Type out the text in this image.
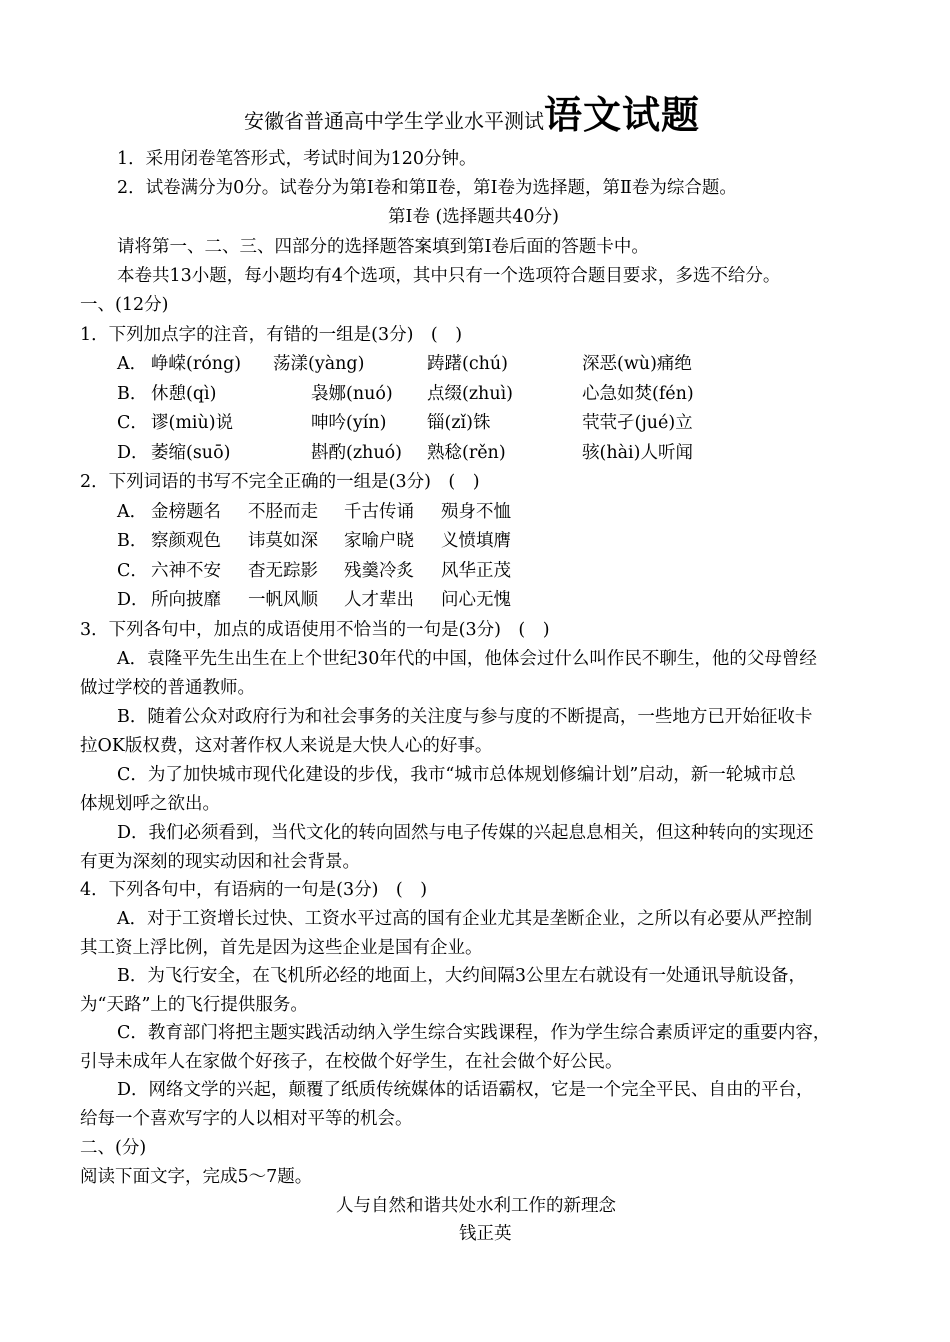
安徽省普通高中学生学业水平测试语文试题
1．采用闭卷笔答形式，考试时间为120分钟。
2．试卷满分为0分。试卷分为第Ⅰ卷和第Ⅱ卷，第Ⅰ卷为选择题，第Ⅱ卷为综合题。
第Ⅰ卷 (选择题共40分)
请将第一、二、三、四部分的选择题答案填到第Ⅰ卷后面的答题卡中。
本卷共13小题，每小题均有4个选项，其中只有一个选项符合题目要求，多选不给分。
一、(12分)
1．下列加点字的注音，有错的一组是(3分)　(　)
A． 峥嵘(róng) 荡漾(yàng)	踌躇(chú)	深恶(wù)痛绝
B． 休憩(qì)	袅娜(nuó) 点缀(zhuì)	心急如焚(fén)
C． 谬(miù)说	呻吟(yín) 锱(zǐ)铢	茕茕孑(jué)立
D． 萎缩(suō)	斟酌(zhuó) 熟稔(rěn)	骇(hài)人听闻
2．下列词语的书写不完全正确的一组是(3分)　(　)
A． 金榜题名 不胫而走 千古传诵 殒身不恤
B． 察颜观色 讳莫如深 家喻户晓 义愤填膺
C． 六神不安 杳无踪影 残羹冷炙 风华正茂
D． 所向披靡 一帆风顺 人才辈出 问心无愧
3．下列各句中，加点的成语使用不恰当的一句是(3分)　(　)
A．袁隆平先生出生在上个世纪30年代的中国，他体会过什么叫作民不聊生，他的父母曾经
做过学校的普通教师。
B．随着公众对政府行为和社会事务的关注度与参与度的不断提高，一些地方已开始征收卡
拉OK版权费，这对著作权人来说是大快人心的好事。
C．为了加快城市现代化建设的步伐，我市“城市总体规划修编计划”启动，新一轮城市总
体规划呼之欲出。
D．我们必须看到，当代文化的转向固然与电子传媒的兴起息息相关，但这种转向的实现还
有更为深刻的现实动因和社会背景。
4．下列各句中，有语病的一句是(3分)　(　)
A．对于工资增长过快、工资水平过高的国有企业尤其是垄断企业，之所以有必要从严控制
其工资上浮比例，首先是因为这些企业是国有企业。
B．为飞行安全，在飞机所必经的地面上，大约间隔3公里左右就设有一处通讯导航设备，
为“天路”上的飞行提供服务。
C．教育部门将把主题实践活动纳入学生综合实践课程，作为学生综合素质评定的重要内容，
引导未成年人在家做个好孩子，在校做个好学生，在社会做个好公民。
D．网络文学的兴起，颠覆了纸质传统媒体的话语霸权，它是一个完全平民、自由的平台，
给每一个喜欢写字的人以相对平等的机会。
二、(分)
阅读下面文字，完成5～7题。
人与自然和谐共处水利工作的新理念
钱正英
